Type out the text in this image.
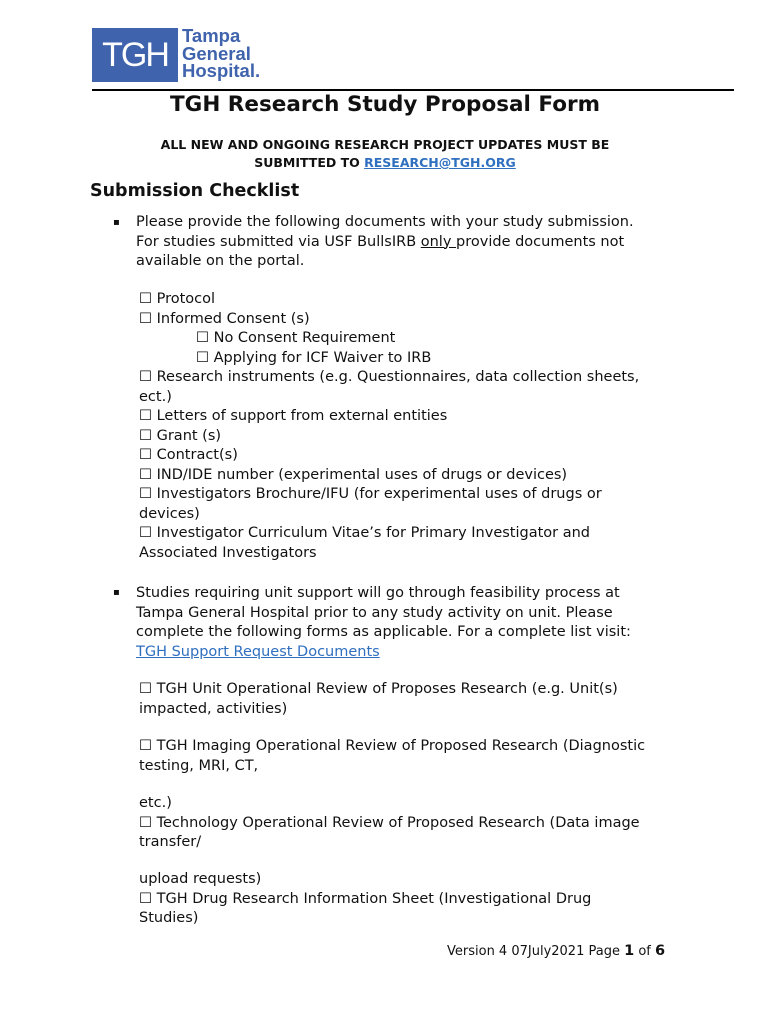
TGH
Tampa
General
Hospital.
TGH Research Study Proposal Form
ALL NEW AND ONGOING RESEARCH PROJECT UPDATES MUST BE
SUBMITTED TO RESEARCH@TGH.ORG
Submission Checklist
▪ Please provide the following documents with your study submission.
For studies submitted via USF BullsIRB only provide documents not
available on the portal.
☐ Protocol
☐ Informed Consent (s)
☐ No Consent Requirement
☐ Applying for ICF Waiver to IRB
☐ Research instruments (e.g. Questionnaires, data collection sheets,
ect.)
☐ Letters of support from external entities
☐ Grant (s)
☐ Contract(s)
☐ IND/IDE number (experimental uses of drugs or devices)
☐ Investigators Brochure/IFU (for experimental uses of drugs or
devices)
☐ Investigator Curriculum Vitae’s for Primary Investigator and
Associated Investigators
▪ Studies requiring unit support will go through feasibility process at
Tampa General Hospital prior to any study activity on unit. Please
complete the following forms as applicable. For a complete list visit:
TGH Support Request Documents
☐ TGH Unit Operational Review of Proposes Research (e.g. Unit(s)
impacted, activities)
☐ TGH Imaging Operational Review of Proposed Research (Diagnostic
testing, MRI, CT,
etc.)
☐ Technology Operational Review of Proposed Research (Data image
transfer/
upload requests)
☐ TGH Drug Research Information Sheet (Investigational Drug
Studies)
Version 4 07July2021 Page 1 of 6
